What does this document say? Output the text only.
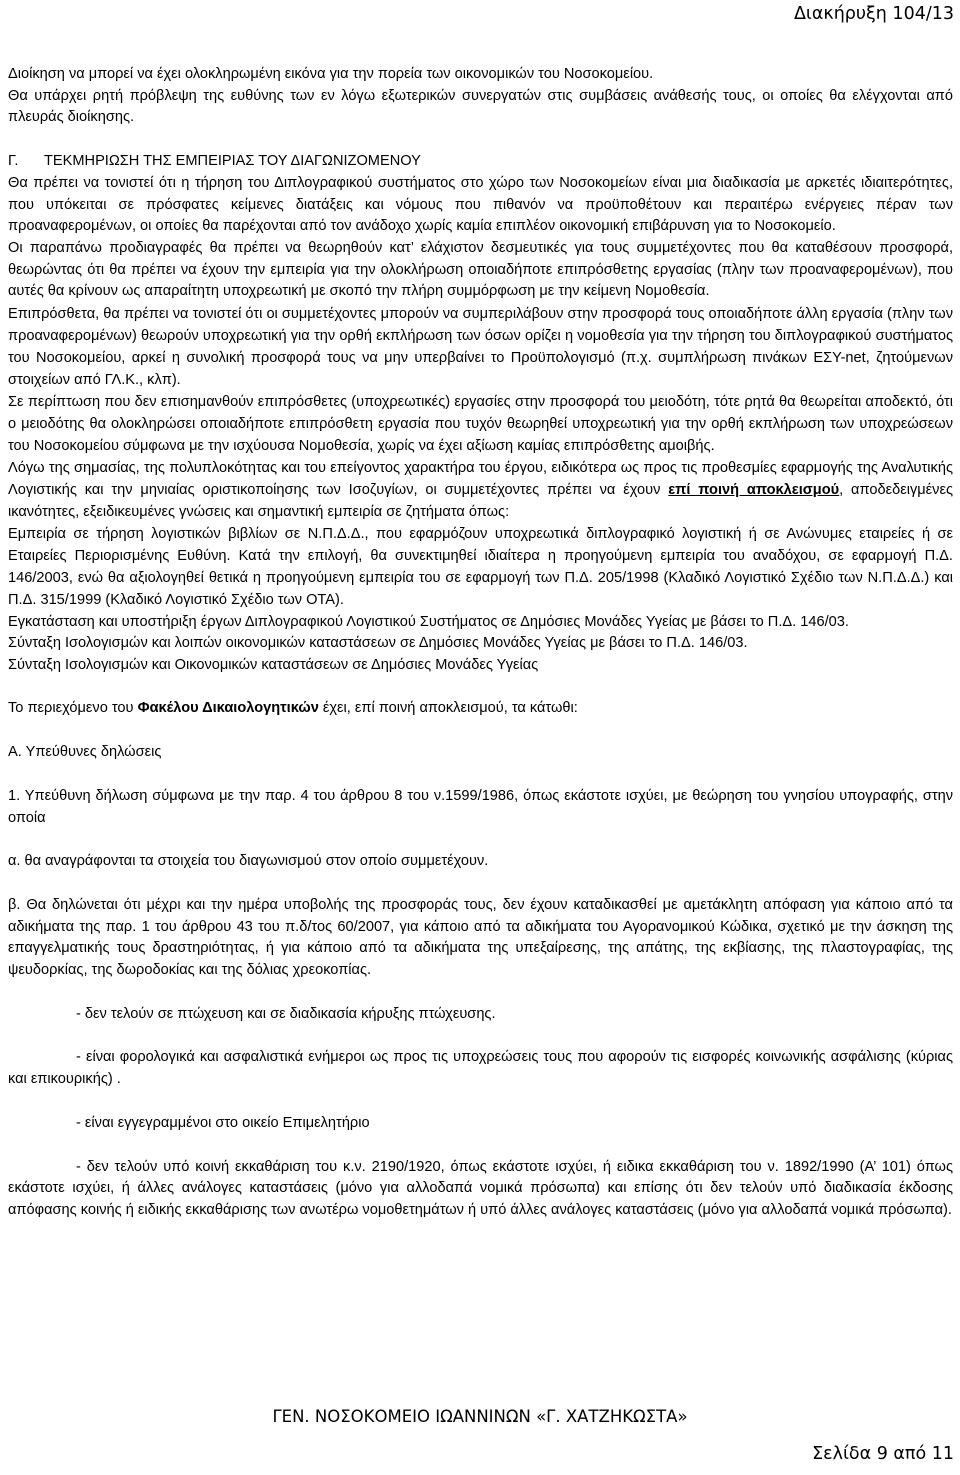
Διακήρυξη 104/13

Διοίκηση να μπορεί να έχει ολοκληρωμένη εικόνα για την πορεία των οικονομικών του Νοσοκομείου.

Θα υπάρχει ρητή πρόβλεψη της ευθύνης των εν λόγω εξωτερικών συνεργατών στις συμβάσεις ανάθεσής τους, οι οποίες θα ελέγχονται από πλευράς διοίκησης.

Γ. ΤΕΚΜΗΡΙΩΣΗ ΤΗΣ ΕΜΠΕΙΡΙΑΣ ΤΟΥ ΔΙΑΓΩΝΙΖΟΜΕΝΟΥ

Θα πρέπει να τονιστεί ότι η τήρηση του Διπλογραφικού συστήματος στο χώρο των Νοσοκομείων είναι μια διαδικασία με αρκετές ιδιαιτερότητες, που υπόκειται σε πρόσφατες κείμενες διατάξεις και νόμους που πιθανόν να προϋποθέτουν και περαιτέρω ενέργειες πέραν των προαναφερομένων, οι οποίες θα παρέχονται από τον ανάδοχο χωρίς καμία επιπλέον οικονομική επιβάρυνση για το Νοσοκομείο.

Οι παραπάνω προδιαγραφές θα πρέπει να θεωρηθούν κατ’ ελάχιστον δεσμευτικές για τους συμμετέχοντες που θα καταθέσουν προσφορά, θεωρώντας ότι θα πρέπει να έχουν την εμπειρία για την ολοκλήρωση οποιαδήποτε επιπρόσθετης εργασίας (πλην των προαναφερομένων), που αυτές θα κρίνουν ως απαραίτητη υποχρεωτική με σκοπό την πλήρη συμμόρφωση με την κείμενη Νομοθεσία.

Επιπρόσθετα, θα πρέπει να τονιστεί ότι οι συμμετέχοντες μπορούν να συμπεριλάβουν στην προσφορά τους οποιαδήποτε άλλη εργασία (πλην των προαναφερομένων) θεωρούν υποχρεωτική για την ορθή εκπλήρωση των όσων ορίζει η νομοθεσία για την τήρηση του διπλογραφικού συστήματος του Νοσοκομείου, αρκεί η συνολική προσφορά τους να μην υπερβαίνει το Προϋπολογισμό (π.χ. συμπλήρωση πινάκων ΕΣΥ-net, ζητούμενων στοιχείων από ΓΛ.Κ., κλπ).

Σε περίπτωση που δεν επισημανθούν επιπρόσθετες (υποχρεωτικές) εργασίες στην προσφορά του μειοδότη, τότε ρητά θα θεωρείται αποδεκτό, ότι ο μειοδότης θα ολοκληρώσει οποιαδήποτε επιπρόσθετη εργασία που τυχόν θεωρηθεί υποχρεωτική για την ορθή εκπλήρωση των υποχρεώσεων του Νοσοκομείου σύμφωνα με την ισχύουσα Νομοθεσία, χωρίς να έχει αξίωση καμίας επιπρόσθετης αμοιβής.

Λόγω της σημασίας, της πολυπλοκότητας και του επείγοντος χαρακτήρα του έργου, ειδικότερα ως προς τις προθεσμίες εφαρμογής της Αναλυτικής Λογιστικής και την μηνιαίας οριστικοποίησης των Ισοζυγίων, οι συμμετέχοντες πρέπει να έχουν επί ποινή αποκλεισμού, αποδεδειγμένες ικανότητες, εξειδικευμένες γνώσεις και σημαντική εμπειρία σε ζητήματα όπως:

Εμπειρία σε τήρηση λογιστικών βιβλίων σε Ν.Π.Δ.Δ., που εφαρμόζουν υποχρεωτικά διπλογραφικό λογιστική ή σε Ανώνυμες εταιρείες ή σε Εταιρείες Περιορισμένης Ευθύνη. Κατά την επιλογή, θα συνεκτιμηθεί ιδιαίτερα η προηγούμενη εμπειρία του αναδόχου, σε εφαρμογή Π.Δ. 146/2003, ενώ θα αξιολογηθεί θετικά η προηγούμενη εμπειρία του σε εφαρμογή των Π.Δ. 205/1998 (Κλαδικό Λογιστικό Σχέδιο των Ν.Π.Δ.Δ.) και Π.Δ. 315/1999 (Κλαδικό Λογιστικό Σχέδιο των ΟΤΑ).

Εγκατάσταση και υποστήριξη έργων Διπλογραφικού Λογιστικού Συστήματος σε Δημόσιες Μονάδες Υγείας με βάσει το Π.Δ. 146/03.

Σύνταξη Ισολογισμών και λοιπών οικονομικών καταστάσεων σε Δημόσιες Μονάδες Υγείας με βάσει το Π.Δ. 146/03.

Σύνταξη Ισολογισμών και Οικονομικών καταστάσεων σε Δημόσιες Μονάδες Υγείας

Το περιεχόμενο του Φακέλου Δικαιολογητικών έχει, επί ποινή αποκλεισμού, τα κάτωθι:

Α. Υπεύθυνες δηλώσεις

1. Υπεύθυνη δήλωση σύμφωνα με την παρ. 4 του άρθρου 8 του ν.1599/1986, όπως εκάστοτε ισχύει, με θεώρηση του γνησίου υπογραφής, στην οποία

α. θα αναγράφονται τα στοιχεία του διαγωνισμού στον οποίο συμμετέχουν.

β. Θα δηλώνεται ότι μέχρι και την ημέρα υποβολής της προσφοράς τους, δεν έχουν καταδικασθεί με αμετάκλητη απόφαση για κάποιο από τα αδικήματα της παρ. 1 του άρθρου 43 του π.δ/τος 60/2007, για κάποιο από τα αδικήματα του Αγορανομικού Κώδικα, σχετικό με την άσκηση της επαγγελματικής τους δραστηριότητας, ή για κάποιο από τα αδικήματα της υπεξαίρεσης, της απάτης, της εκβίασης, της πλαστογραφίας, της ψευδορκίας, της δωροδοκίας και της δόλιας χρεοκοπίας.

- δεν τελούν σε πτώχευση και σε διαδικασία κήρυξης πτώχευσης.

- είναι φορολογικά και ασφαλιστικά ενήμεροι ως προς τις υποχρεώσεις τους που αφορούν τις εισφορές κοινωνικής ασφάλισης (κύριας και επικουρικής) .

- είναι εγγεγραμμένοι στο οικείο Επιμελητήριο

- δεν τελούν υπό κοινή εκκαθάριση του κ.ν. 2190/1920, όπως εκάστοτε ισχύει, ή ειδικα εκκαθάριση του ν. 1892/1990 (Α’ 101) όπως εκάστοτε ισχύει, ή άλλες ανάλογες καταστάσεις (μόνο για αλλοδαπά νομικά πρόσωπα) και επίσης ότι δεν τελούν υπό διαδικασία έκδοσης απόφασης κοινής ή ειδικής εκκαθάρισης των ανωτέρω νομοθετημάτων ή υπό άλλες ανάλογες καταστάσεις (μόνο για αλλοδαπά νομικά πρόσωπα).

ΓΕΝ. ΝΟΣΟΚΟΜΕΙΟ ΙΩΑΝΝΙΝΩΝ «Γ. ΧΑΤΖΗΚΩΣΤΑ»
Σελίδα 9 από 11
